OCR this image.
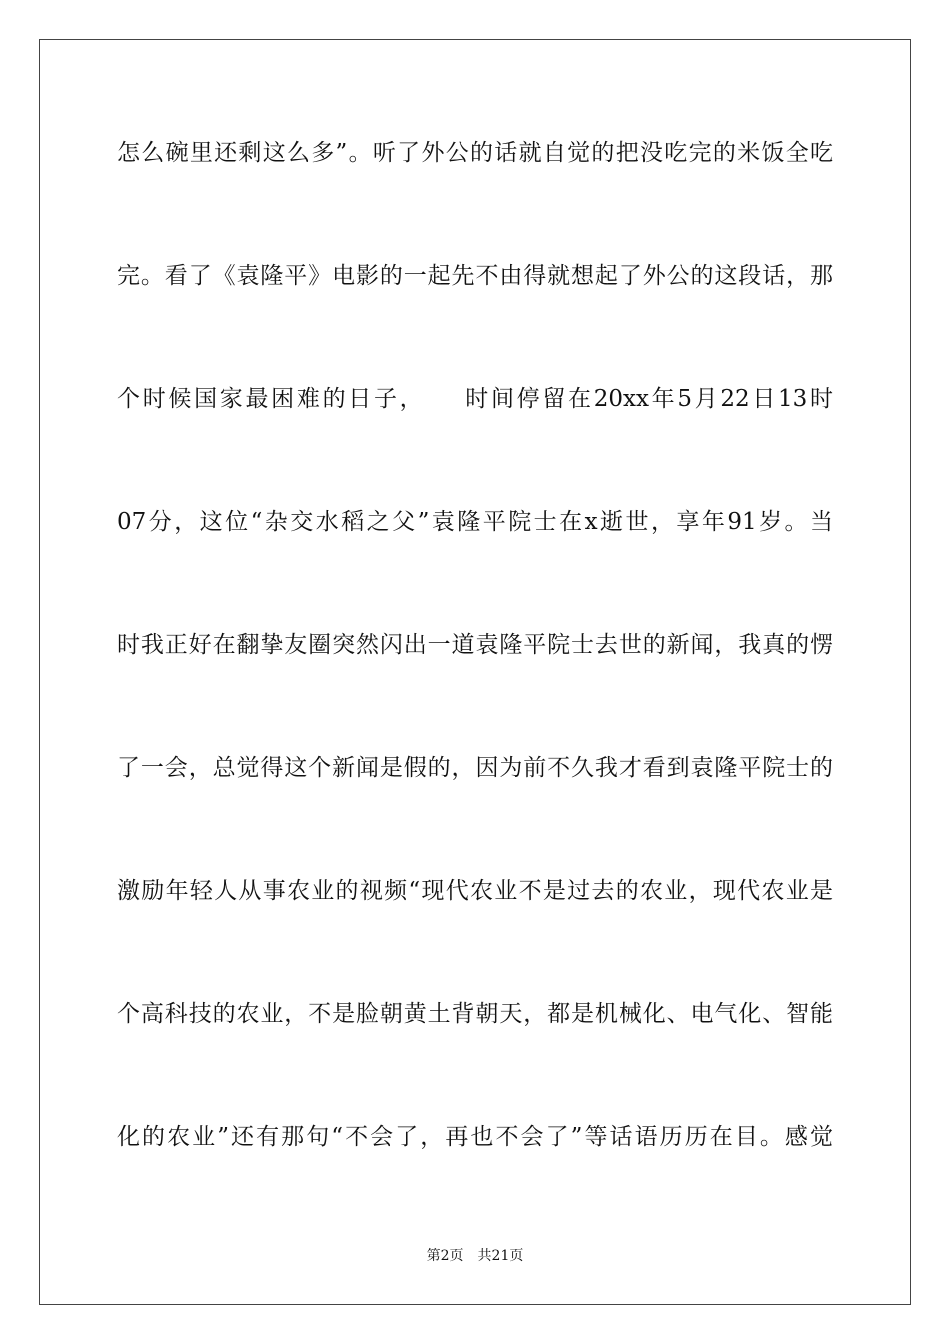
怎么碗里还剩这么多”。听了外公的话就自觉的把没吃完的米饭全吃
完。看了《袁隆平》电影的一起先不由得就想起了外公的这段话，那
个时候国家最困难的日子，　　时间停留在20xx年5月22日13时
07分，这位“杂交水稻之父”袁隆平院士在x逝世，享年91岁。当
时我正好在翻挚友圈突然闪出一道袁隆平院士去世的新闻，我真的愣
了一会，总觉得这个新闻是假的，因为前不久我才看到袁隆平院士的
激励年轻人从事农业的视频“现代农业不是过去的农业，现代农业是
个高科技的农业，不是脸朝黄土背朝天，都是机械化、电气化、智能
化的农业”还有那句“不会了，再也不会了”等话语历历在目。感觉
第2页　共21页
